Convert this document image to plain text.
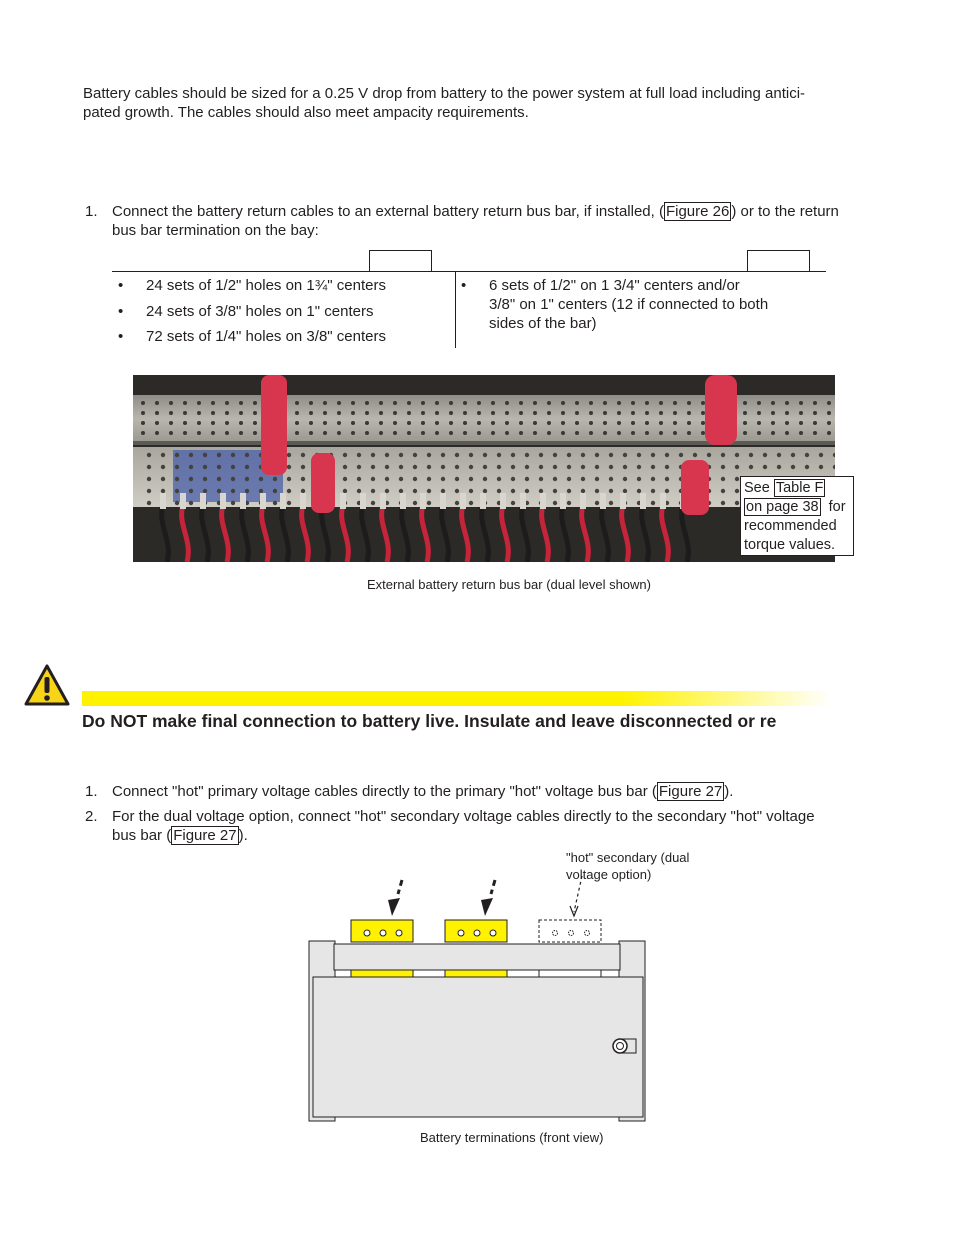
Battery cables should be sized for a 0.25 V drop from battery to the power system at full load including antici-
pated growth. The cables should also meet ampacity requirements.
1. Connect the battery return cables to an external battery return bus bar, if installed, ( Figure 26 ) or to the return
bus bar termination on the bay:
• 24 sets of 1/2" holes on 1¾" centers
• 24 sets of 3/8" holes on 1" centers
• 72 sets of 1/4" holes on 3/8" centers
• 6 sets of 1/2" on 1 3/4" centers and/or
3/8" on 1" centers (12 if connected to both
sides of the bar)
See Table F
on page 38  for
recommended
torque values.
External battery return bus bar (dual level shown)
Do NOT make final connection to battery live. Insulate and leave disconnected or re
1. Connect "hot" primary voltage cables directly to the primary "hot" voltage bus bar ( Figure 27 ).
2. For the dual voltage option, connect "hot" secondary voltage cables directly to the secondary "hot" voltage
bus bar ( Figure 27 ).
"hot" secondary (dual
voltage option)
Battery terminations (front view)
